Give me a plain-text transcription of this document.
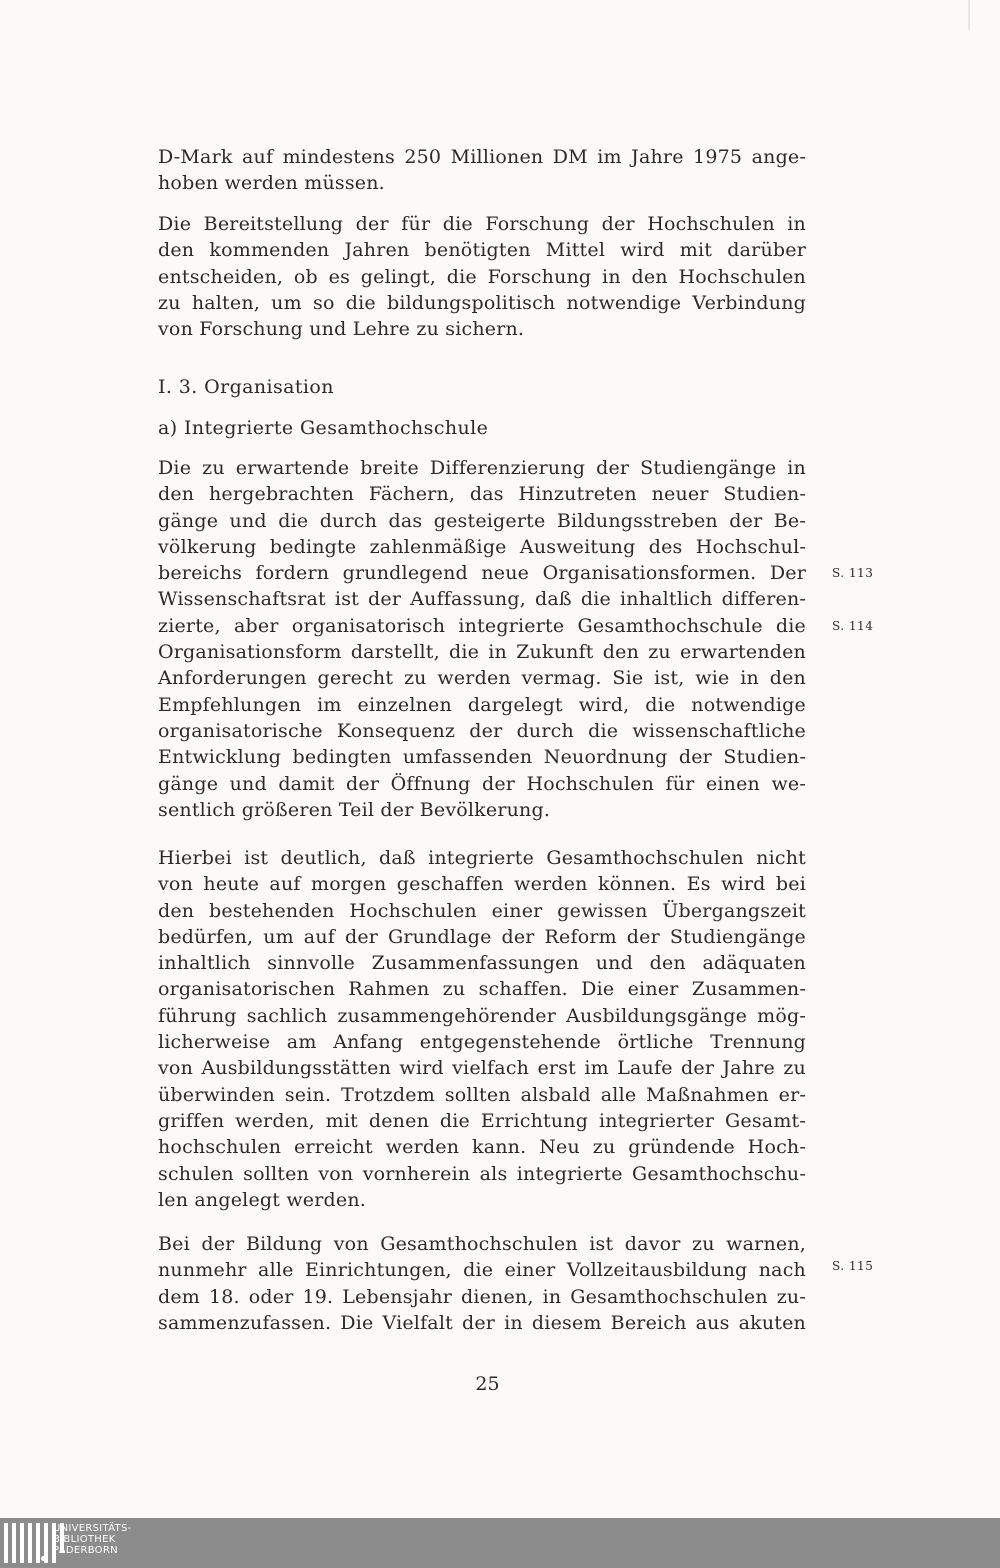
D-Mark auf mindestens 250 Millionen DM im Jahre 1975 ange-
hoben werden müssen.
Die Bereitstellung der für die Forschung der Hochschulen in
den kommenden Jahren benötigten Mittel wird mit darüber
entscheiden, ob es gelingt, die Forschung in den Hochschulen
zu halten, um so die bildungspolitisch notwendige Verbindung
von Forschung und Lehre zu sichern.
I. 3. Organisation
a) Integrierte Gesamthochschule
Die zu erwartende breite Differenzierung der Studiengänge in
den hergebrachten Fächern, das Hinzutreten neuer Studien-
gänge und die durch das gesteigerte Bildungsstreben der Be-
völkerung bedingte zahlenmäßige Ausweitung des Hochschul-
bereichs fordern grundlegend neue Organisationsformen. Der
Wissenschaftsrat ist der Auffassung, daß die inhaltlich differen-
zierte, aber organisatorisch integrierte Gesamthochschule die
Organisationsform darstellt, die in Zukunft den zu erwartenden
Anforderungen gerecht zu werden vermag. Sie ist, wie in den
Empfehlungen im einzelnen dargelegt wird, die notwendige
organisatorische Konsequenz der durch die wissenschaftliche
Entwicklung bedingten umfassenden Neuordnung der Studien-
gänge und damit der Öffnung der Hochschulen für einen we-
sentlich größeren Teil der Bevölkerung.
S. 113
S. 114
Hierbei ist deutlich, daß integrierte Gesamthochschulen nicht
von heute auf morgen geschaffen werden können. Es wird bei
den bestehenden Hochschulen einer gewissen Übergangszeit
bedürfen, um auf der Grundlage der Reform der Studiengänge
inhaltlich sinnvolle Zusammenfassungen und den adäquaten
organisatorischen Rahmen zu schaffen. Die einer Zusammen-
führung sachlich zusammengehörender Ausbildungsgänge mög-
licherweise am Anfang entgegenstehende örtliche Trennung
von Ausbildungsstätten wird vielfach erst im Laufe der Jahre zu
überwinden sein. Trotzdem sollten alsbald alle Maßnahmen er-
griffen werden, mit denen die Errichtung integrierter Gesamt-
hochschulen erreicht werden kann. Neu zu gründende Hoch-
schulen sollten von vornherein als integrierte Gesamthochschu-
len angelegt werden.
Bei der Bildung von Gesamthochschulen ist davor zu warnen,
nunmehr alle Einrichtungen, die einer Vollzeitausbildung nach
dem 18. oder 19. Lebensjahr dienen, in Gesamthochschulen zu-
sammenzufassen. Die Vielfalt der in diesem Bereich aus akuten
S. 115
25
UNIVERSITÄTS-
BIBLIOTHEK
PADERBORN
